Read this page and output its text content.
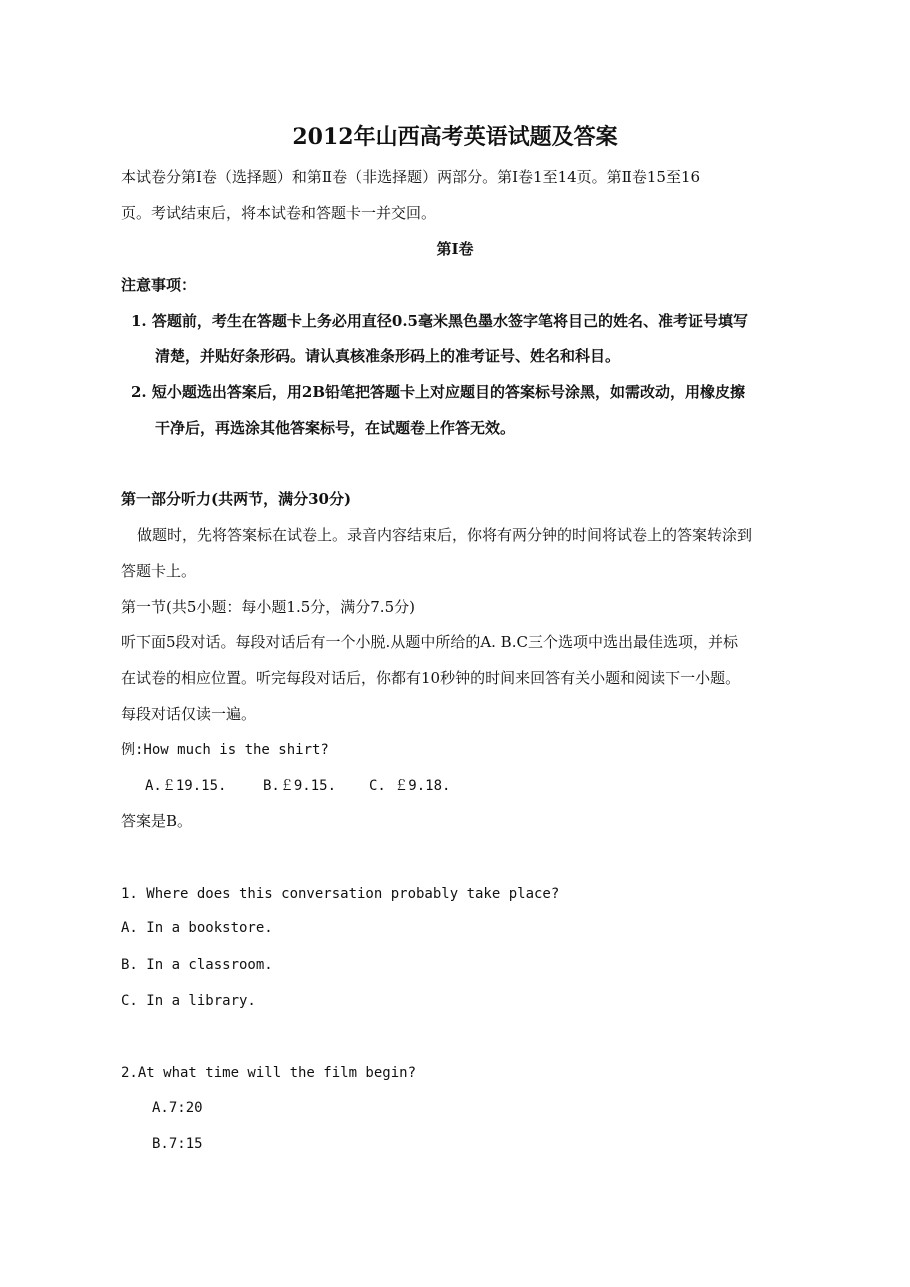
2012年山西高考英语试题及答案
本试卷分第Ⅰ卷（选择题）和第Ⅱ卷（非选择题）两部分。第Ⅰ卷1至14页。第Ⅱ卷15至16
页。考试结束后，将本试卷和答题卡一并交回。
第Ⅰ卷
注意事项：
1. 答题前，考生在答题卡上务必用直径0.5毫米黑色墨水签字笔将目己的姓名、准考证号填写
清楚，并贴好条形码。请认真核准条形码上的准考证号、姓名和科目。
2. 短小题选出答案后，用2B铅笔把答题卡上对应题目的答案标号涂黑，如需改动，用橡皮擦
干净后，再选涂其他答案标号，在试题卷上作答无效。
第一部分听力(共两节，满分30分)
做题时，先将答案标在试卷上。录音内容结束后，你将有两分钟的时间将试卷上的答案转涂到
答题卡上。
第一节(共5小题：每小题1.5分，满分7.5分)
听下面5段对话。每段对话后有一个小脱.从题中所给的A. B.C三个选项中选出最佳选项，并标
在试卷的相应位置。听完每段对话后，你都有10秒钟的时间来回答有关小题和阅读下一小题。
每段对话仅读一遍。
例:How much is the shirt?
A.￡19.15.	B.￡9.15. C. ￡9.18.
答案是B。
1. Where does this conversation probably take place?
A. In a bookstore.
B. In a classroom.
C. In a library.
2.At what time will the film begin?
A.7:20
B.7:15
